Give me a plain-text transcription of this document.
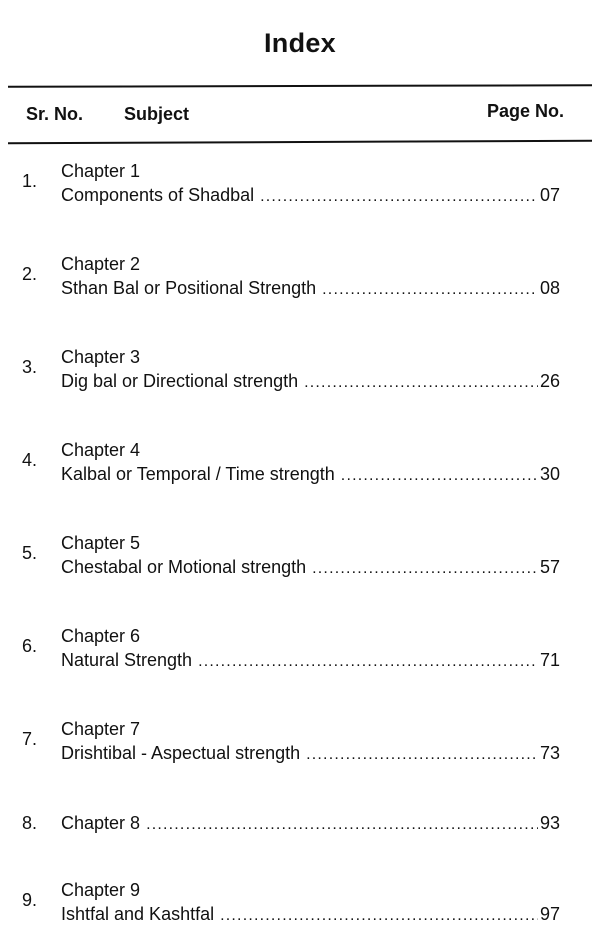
Index
Sr. No. Subject	Page No.
1. Chapter 1
Components of Shadbal .....	07
2. Chapter 2
Sthan Bal or Positional Strength .....	08
3. Chapter 3
Dig bal or Directional strength .....	26
4. Chapter 4
Kalbal or Temporal / Time strength .....	30
5. Chapter 5
Chestabal or Motional strength .....	57
6. Chapter 6
Natural Strength .....	71
7. Chapter 7
Drishtibal - Aspectual strength .....	73
8. Chapter 8 .....	93
9. Chapter 9
Ishtfal and Kashtfal .....	97
